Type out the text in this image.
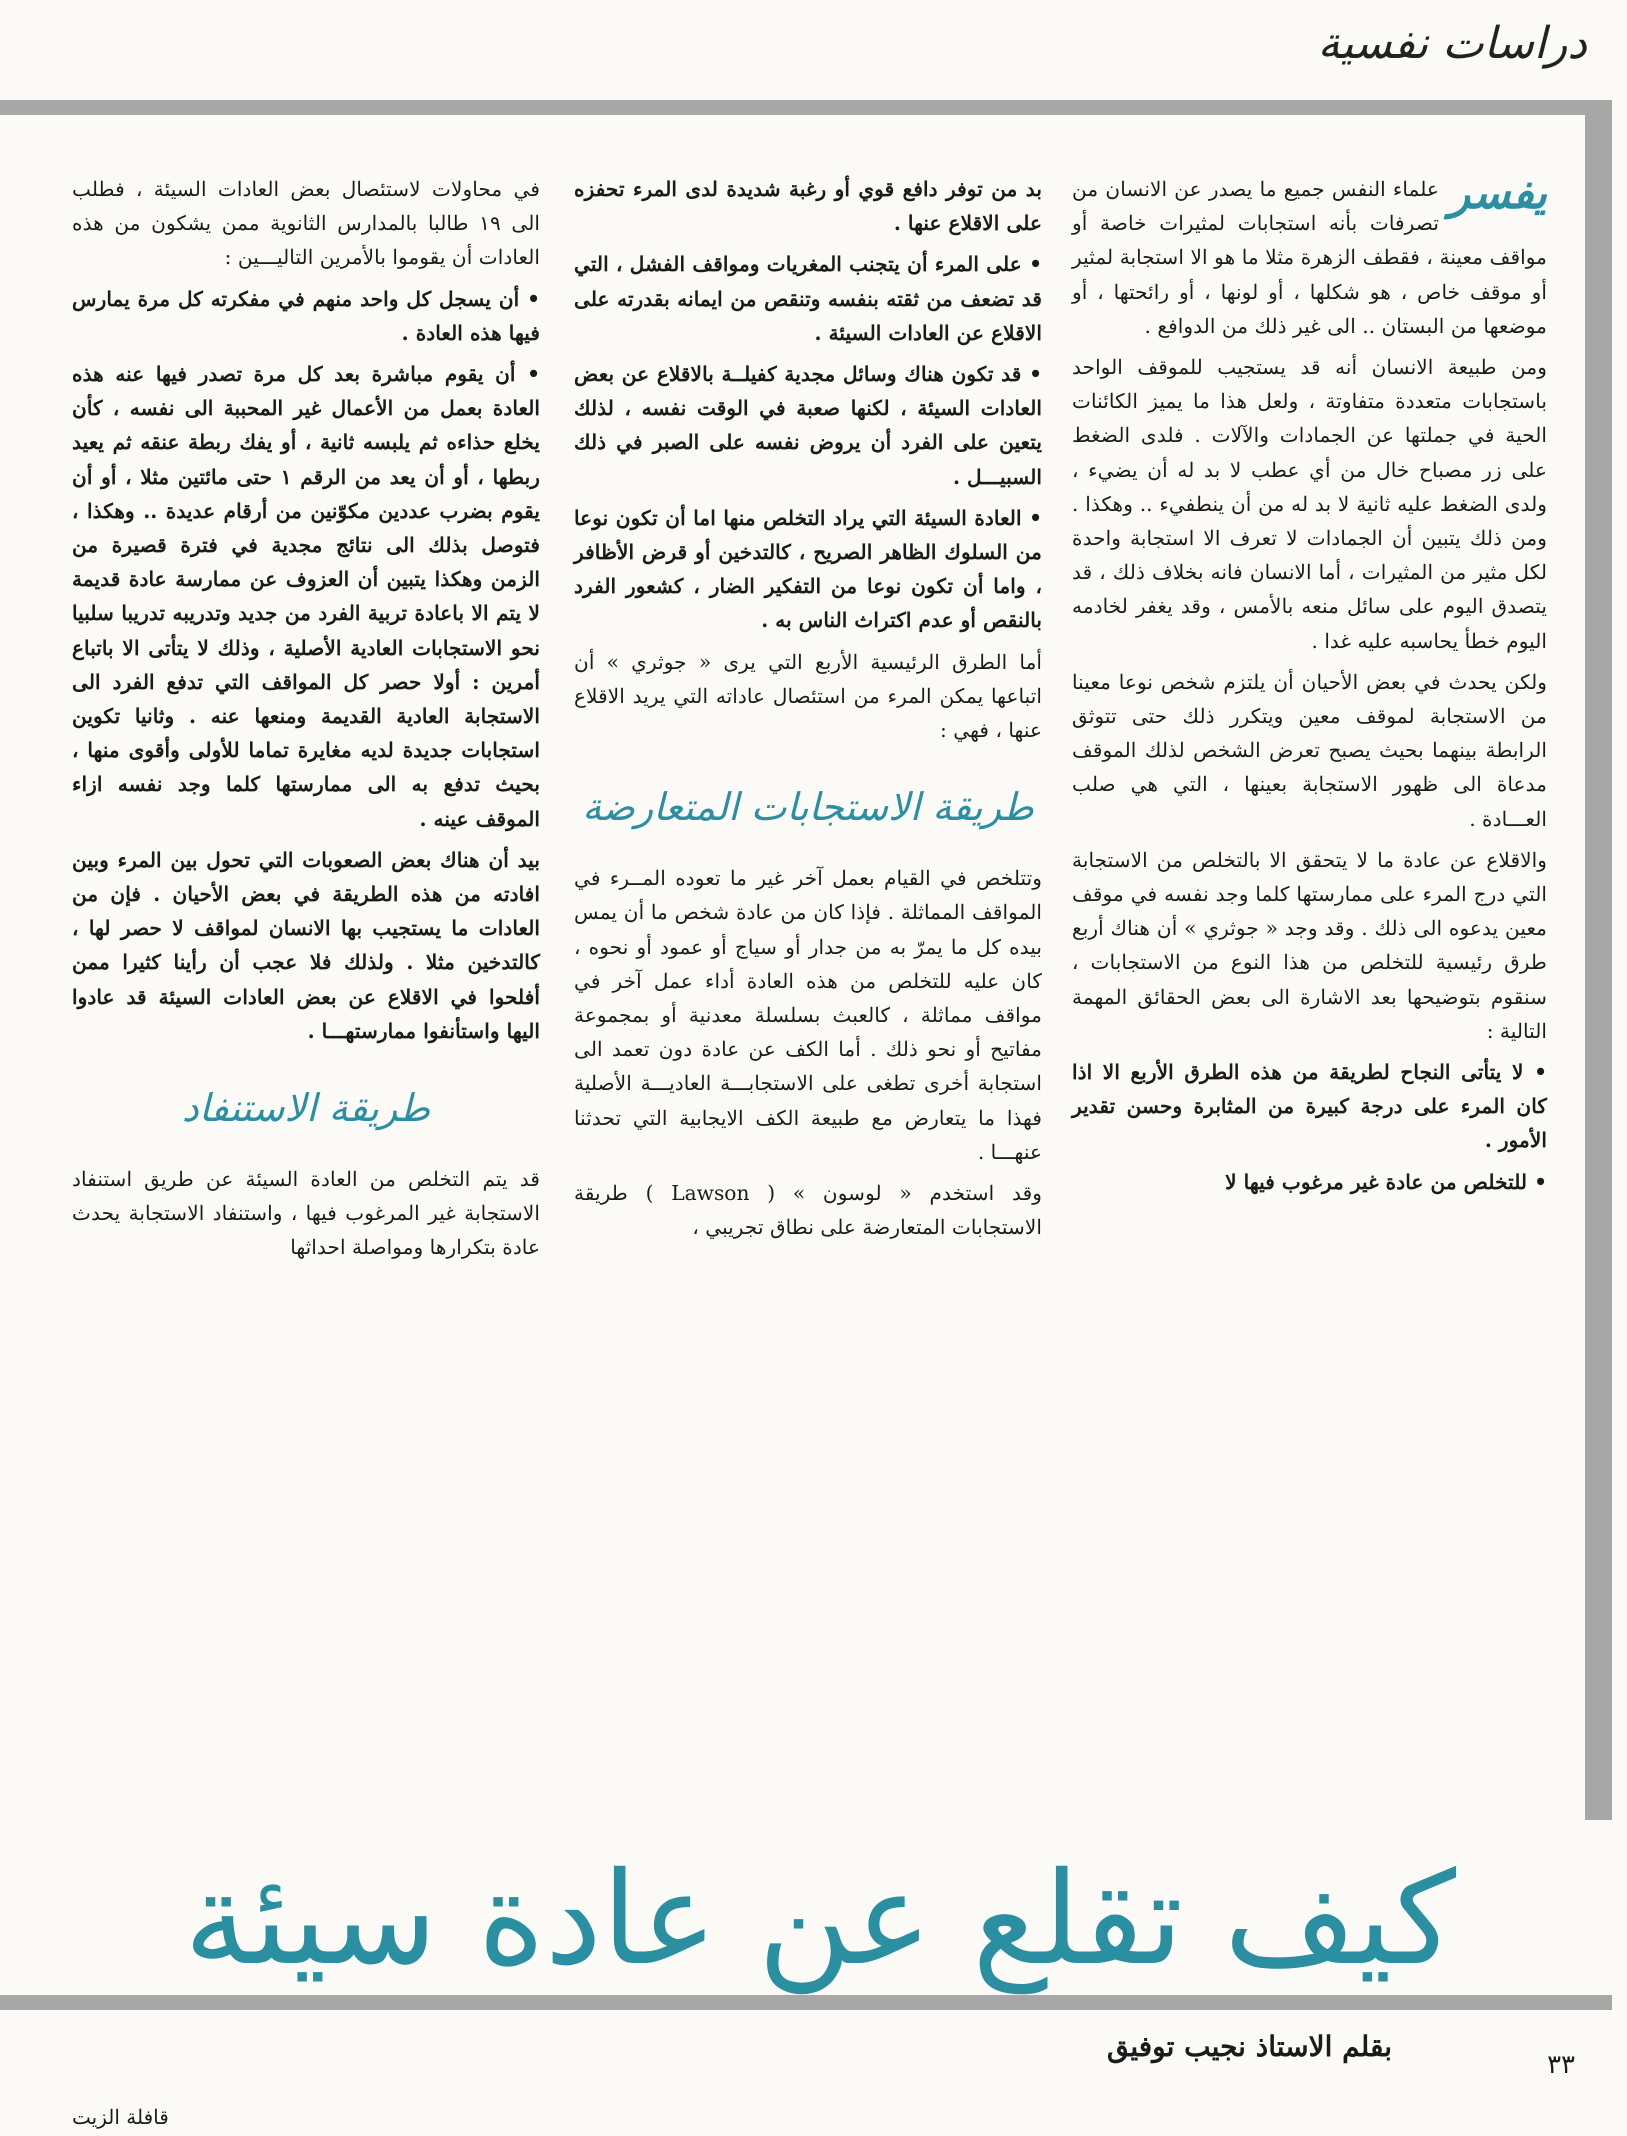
دراسات نفسية

يفسر
علماء النفس جميع ما يصدر عن الانسان من تصرفات بأنه استجابات لمثيرات خاصة أو مواقف معينة ، فقطف الزهرة مثلا ما هو الا استجابة لمثير أو موقف خاص ، هو شكلها ، أو لونها ، أو رائحتها ، أو موضعها من البستان .. الى غير ذلك من الدوافع .

ومن طبيعة الانسان أنه قد يستجيب للموقف الواحد باستجابات متعددة متفاوتة ، ولعل هذا ما يميز الكائنات الحية في جملتها عن الجمادات والآلات . فلدى الضغط على زر مصباح خال من أي عطب لا بد له أن يضيء ، ولدى الضغط عليه ثانية لا بد له من أن ينطفيء .. وهكذا . ومن ذلك يتبين أن الجمادات لا تعرف الا استجابة واحدة لكل مثير من المثيرات ، أما الانسان فانه بخلاف ذلك ، قد يتصدق اليوم على سائل منعه بالأمس ، وقد يغفر لخادمه اليوم خطأ يحاسبه عليه غدا .

ولكن يحدث في بعض الأحيان أن يلتزم شخص نوعا معينا من الاستجابة لموقف معين ويتكرر ذلك حتى تتوثق الرابطة بينهما بحيث يصبح تعرض الشخص لذلك الموقف مدعاة الى ظهور الاستجابة بعينها ، التي هي صلب العـــادة .

والاقلاع عن عادة ما لا يتحقق الا بالتخلص من الاستجابة التي درج المرء على ممارستها كلما وجد نفسه في موقف معين يدعوه الى ذلك . وقد وجد « جوثري » أن هناك أربع طرق رئيسية للتخلص من هذا النوع من الاستجابات ، سنقوم بتوضيحها بعد الاشارة الى بعض الحقائق المهمة التالية :

• لا يتأتى النجاح لطريقة من هذه الطرق الأربع الا اذا كان المرء على درجة كبيرة من المثابرة وحسن تقدير الأمور .

• للتخلص من عادة غير مرغوب فيها لا

بد من توفر دافع قوي أو رغبة شديدة لدى المرء تحفزه على الاقلاع عنها .

• على المرء أن يتجنب المغريات ومواقف الفشل ، التي قد تضعف من ثقته بنفسه وتنقص من ايمانه بقدرته على الاقلاع عن العادات السيئة .

• قد تكون هناك وسائل مجدية كفيلــة بالاقلاع عن بعض العادات السيئة ، لكنها صعبة في الوقت نفسه ، لذلك يتعين على الفرد أن يروض نفسه على الصبر في ذلك السبيـــل .

• العادة السيئة التي يراد التخلص منها اما أن تكون نوعا من السلوك الظاهر الصريح ، كالتدخين أو قرض الأظافر ، واما أن تكون نوعا من التفكير الضار ، كشعور الفرد بالنقص أو عدم اكتراث الناس به .

أما الطرق الرئيسية الأربع التي يرى « جوثري » أن اتباعها يمكن المرء من استئصال عاداته التي يريد الاقلاع عنها ، فهي :

طريقة الاستجابات المتعارضة

وتتلخص في القيام بعمل آخر غير ما تعوده المــرء في المواقف المماثلة . فإذا كان من عادة شخص ما أن يمس بيده كل ما يمرّ به من جدار أو سياج أو عمود أو نحوه ، كان عليه للتخلص من هذه العادة أداء عمل آخر في مواقف مماثلة ، كالعبث بسلسلة معدنية أو بمجموعة مفاتيح أو نحو ذلك . أما الكف عن عادة دون تعمد الى استجابة أخرى تطغى على الاستجابـــة العاديـــة الأصلية فهذا ما يتعارض مع طبيعة الكف الايجابية التي تحدثنا عنهـــا .

وقد استخدم « لوسون » ( Lawson ) طريقة الاستجابات المتعارضة على نطاق تجريبي ،

في محاولات لاستئصال بعض العادات السيئة ، فطلب الى ١٩ طالبا بالمدارس الثانوية ممن يشكون من هذه العادات أن يقوموا بالأمرين التاليـــين :

• أن يسجل كل واحد منهم في مفكرته كل مرة يمارس فيها هذه العادة .

• أن يقوم مباشرة بعد كل مرة تصدر فيها عنه هذه العادة بعمل من الأعمال غير المحببة الى نفسه ، كأن يخلع حذاءه ثم يلبسه ثانية ، أو يفك ربطة عنقه ثم يعيد ربطها ، أو أن يعد من الرقم ١ حتى مائتين مثلا ، أو أن يقوم بضرب عددين مكوّنين من أرقام عديدة .. وهكذا ، فتوصل بذلك الى نتائج مجدية في فترة قصيرة من الزمن وهكذا يتبين أن العزوف عن ممارسة عادة قديمة لا يتم الا باعادة تربية الفرد من جديد وتدريبه تدريبا سلبيا نحو الاستجابات العادية الأصلية ، وذلك لا يتأتى الا باتباع أمرين : أولا حصر كل المواقف التي تدفع الفرد الى الاستجابة العادية القديمة ومنعها عنه . وثانيا تكوين استجابات جديدة لديه مغايرة تماما للأولى وأقوى منها ، بحيث تدفع به الى ممارستها كلما وجد نفسه ازاء الموقف عينه .

بيد أن هناك بعض الصعوبات التي تحول بين المرء وبين افادته من هذه الطريقة في بعض الأحيان . فإن من العادات ما يستجيب بها الانسان لمواقف لا حصر لها ، كالتدخين مثلا . ولذلك فلا عجب أن رأينا كثيرا ممن أفلحوا في الاقلاع عن بعض العادات السيئة قد عادوا اليها واستأنفوا ممارستهـــا .

طريقة الاستنفاد

قد يتم التخلص من العادة السيئة عن طريق استنفاد الاستجابة غير المرغوب فيها ، واستنفاد الاستجابة يحدث عادة بتكرارها ومواصلة احداثها

كيف تقلع عن عادة سيئة
بقلم الاستاذ نجيب توفيق
٣٣
قافلة الزيت
